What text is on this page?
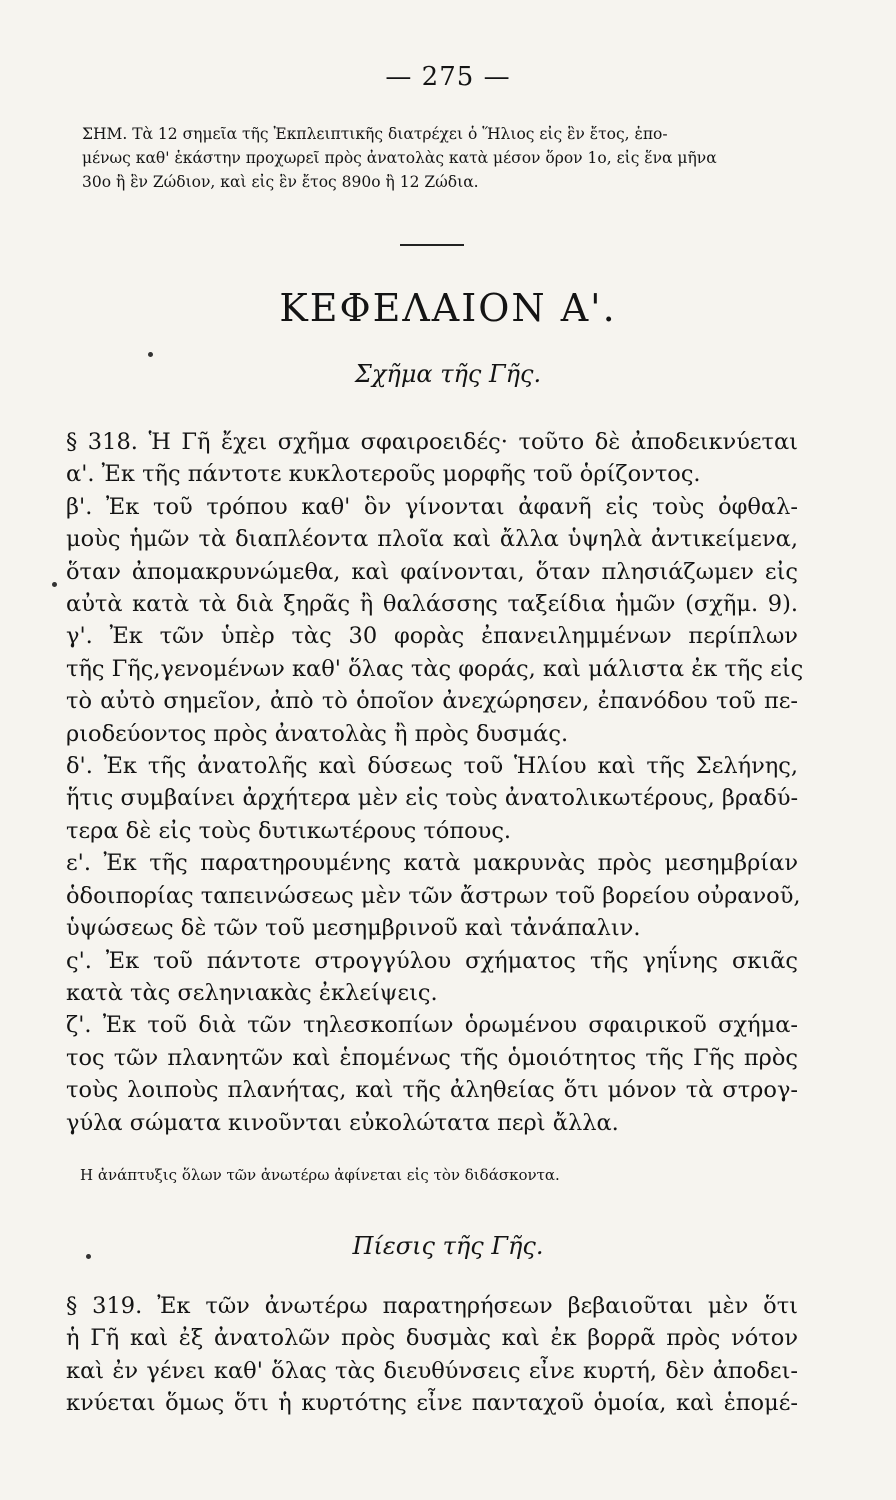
— 275 —
ΣΗΜ. Τὰ 12 σημεῖα τῆς Ἐκπλειπτικῆς διατρέχει ὁ Ἥλιος εἰς ἓν ἔτος, ἑπο-
μένως καθ' ἑκάστην προχωρεῖ πρὸς ἀνατολὰς κατὰ μέσον ὅρον 1ο, εἰς ἕνα μῆνα
30ο ἢ ἓν Ζώδιον, καὶ εἰς ἓν ἔτος 890ο ἢ 12 Ζώδια.
ΚΕΦΕΛΑΙΟΝ Α'.
Σχῆμα τῆς Γῆς.
§ 318. Ἡ Γῆ ἔχει σχῆμα σφαιροειδές· τοῦτο δὲ ἀποδεικνύεται
α'. Ἐκ τῆς πάντοτε κυκλοτεροῦς μορφῆς τοῦ ὁρίζοντος.
β'. Ἐκ τοῦ τρόπου καθ' ὃν γίνονται ἀφανῆ εἰς τοὺς ὀφθαλ-
μοὺς ἡμῶν τὰ διαπλέοντα πλοῖα καὶ ἄλλα ὑψηλὰ ἀντικείμενα,
ὅταν ἀπομακρυνώμεθα, καὶ φαίνονται, ὅταν πλησιάζωμεν εἰς
αὐτὰ κατὰ τὰ διὰ ξηρᾶς ἢ θαλάσσης ταξείδια ἡμῶν (σχῆμ. 9).
γ'. Ἐκ τῶν ὑπὲρ τὰς 30 φορὰς ἐπανειλημμένων περίπλων
τῆς Γῆς,γενομένων καθ' ὅλας τὰς φοράς, καὶ μάλιστα ἐκ τῆς εἰς
τὸ αὐτὸ σημεῖον, ἀπὸ τὸ ὁποῖον ἀνεχώρησεν, ἐπανόδου τοῦ πε-
ριοδεύοντος πρὸς ἀνατολὰς ἢ πρὸς δυσμάς.
δ'. Ἐκ τῆς ἀνατολῆς καὶ δύσεως τοῦ Ἡλίου καὶ τῆς Σελήνης,
ἥτις συμβαίνει ἀρχήτερα μὲν εἰς τοὺς ἀνατολικωτέρους, βραδύ-
τερα δὲ εἰς τοὺς δυτικωτέρους τόπους.
ε'. Ἐκ τῆς παρατηρουμένης κατὰ μακρυνὰς πρὸς μεσημβρίαν
ὁδοιπορίας ταπεινώσεως μὲν τῶν ἄστρων τοῦ βορείου οὐρανοῦ,
ὑψώσεως δὲ τῶν τοῦ μεσημβρινοῦ καὶ τἀνάπαλιν.
ς'. Ἐκ τοῦ πάντοτε στρογγύλου σχήματος τῆς γηΐνης σκιᾶς
κατὰ τὰς σεληνιακὰς ἐκλείψεις.
ζ'. Ἐκ τοῦ διὰ τῶν τηλεσκοπίων ὁρωμένου σφαιρικοῦ σχήμα-
τος τῶν πλανητῶν καὶ ἑπομένως τῆς ὁμοιότητος τῆς Γῆς πρὸς
τοὺς λοιποὺς πλανήτας, καὶ τῆς ἀληθείας ὅτι μόνον τὰ στρογ-
γύλα σώματα κινοῦνται εὐκολώτατα περὶ ἄλλα.
Η ἀνάπτυξις ὅλων τῶν ἀνωτέρω ἀφίνεται εἰς τὸν διδάσκοντα.
Πίεσις τῆς Γῆς.
§ 319. Ἐκ τῶν ἀνωτέρω παρατηρήσεων βεβαιοῦται μὲν ὅτι
ἡ Γῆ καὶ ἐξ ἀνατολῶν πρὸς δυσμὰς καὶ ἐκ βορρᾶ πρὸς νότον
καὶ ἐν γένει καθ' ὅλας τὰς διευθύνσεις εἶνε κυρτή, δὲν ἀποδει-
κνύεται ὅμως ὅτι ἡ κυρτότης εἶνε πανταχοῦ ὁμοία, καὶ ἑπομέ-
